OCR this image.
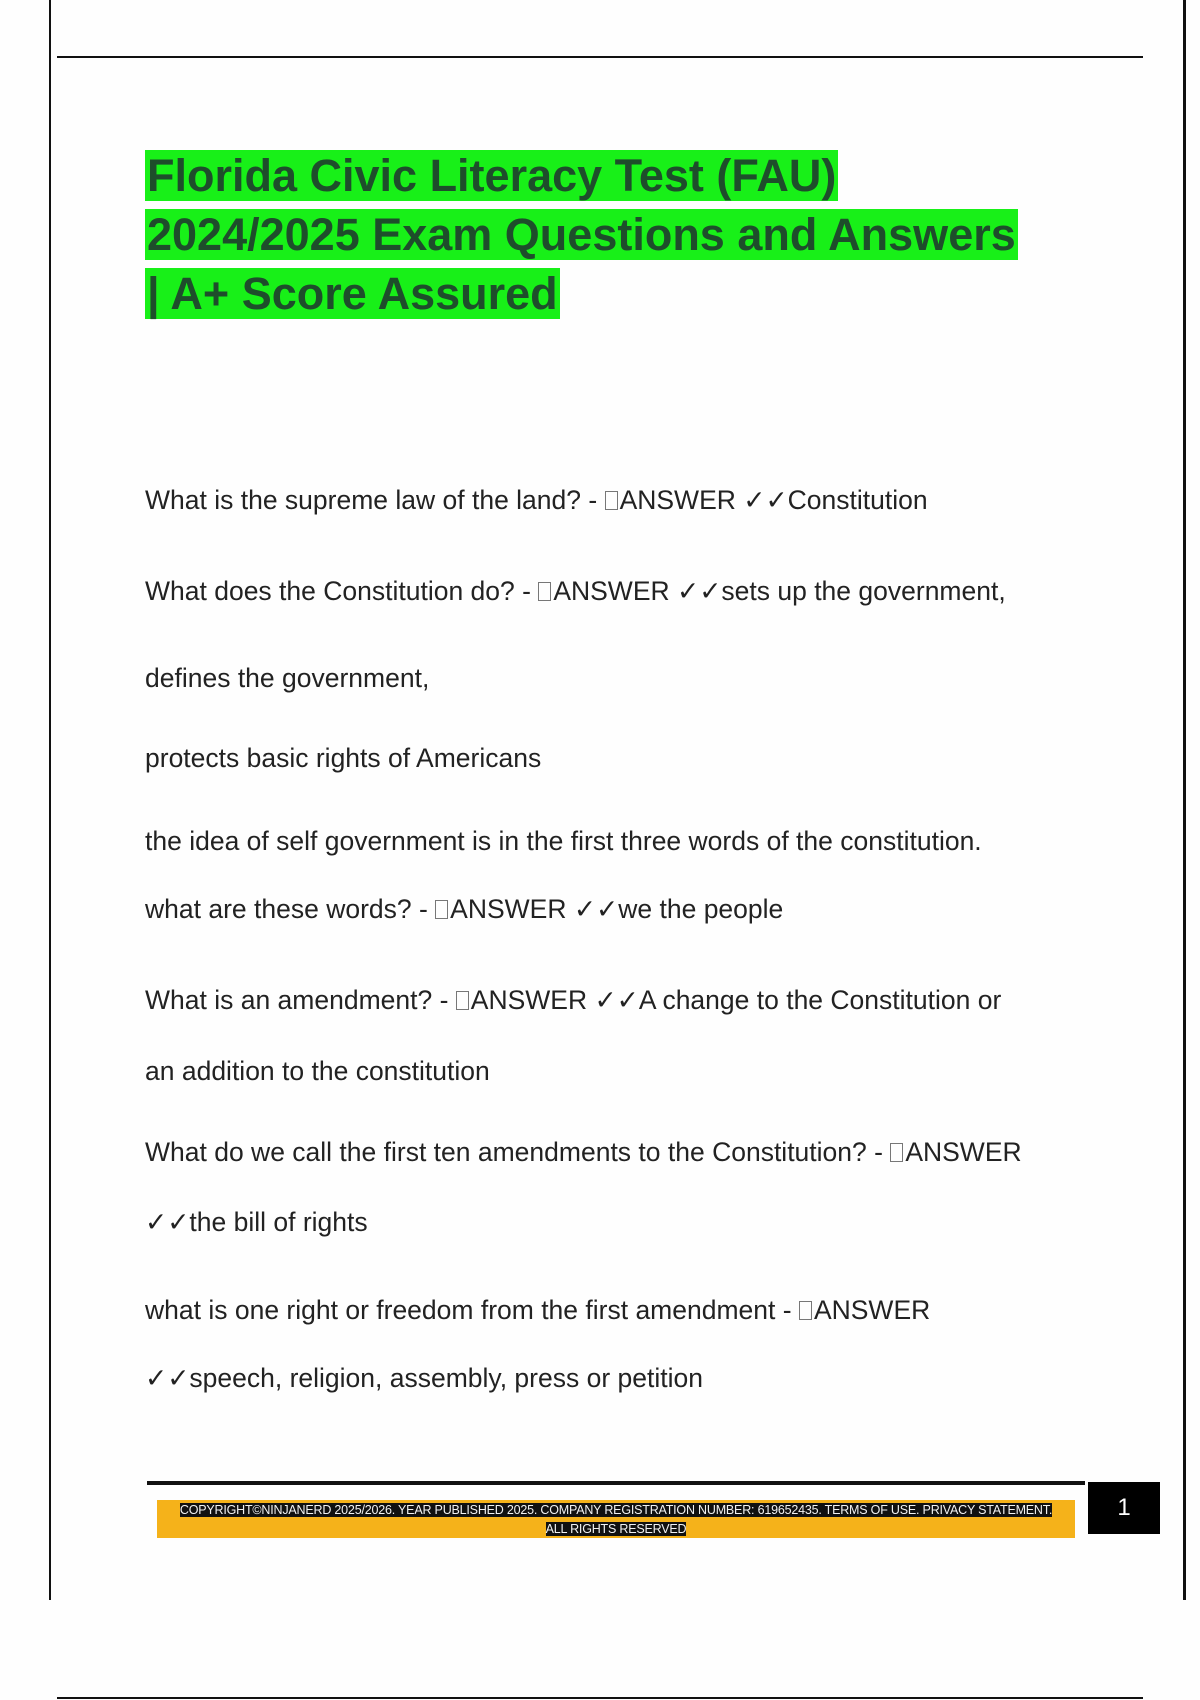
Florida Civic Literacy Test (FAU)
2024/2025 Exam Questions and Answers
| A+ Score Assured
What is the supreme law of the land? - ANSWER ✓✓Constitution
What does the Constitution do? - ANSWER ✓✓sets up the government,
defines the government,
protects basic rights of Americans
the idea of self government is in the first three words of the constitution.
what are these words? - ANSWER ✓✓we the people
What is an amendment? - ANSWER ✓✓A change to the Constitution or
an addition to the constitution
What do we call the first ten amendments to the Constitution? - ANSWER
✓✓the bill of rights
what is one right or freedom from the first amendment - ANSWER
✓✓speech, religion, assembly, press or petition
COPYRIGHT©NINJANERD 2025/2026. YEAR PUBLISHED 2025. COMPANY REGISTRATION NUMBER: 619652435. TERMS OF USE. PRIVACY STATEMENT. ALL RIGHTS RESERVED
1
